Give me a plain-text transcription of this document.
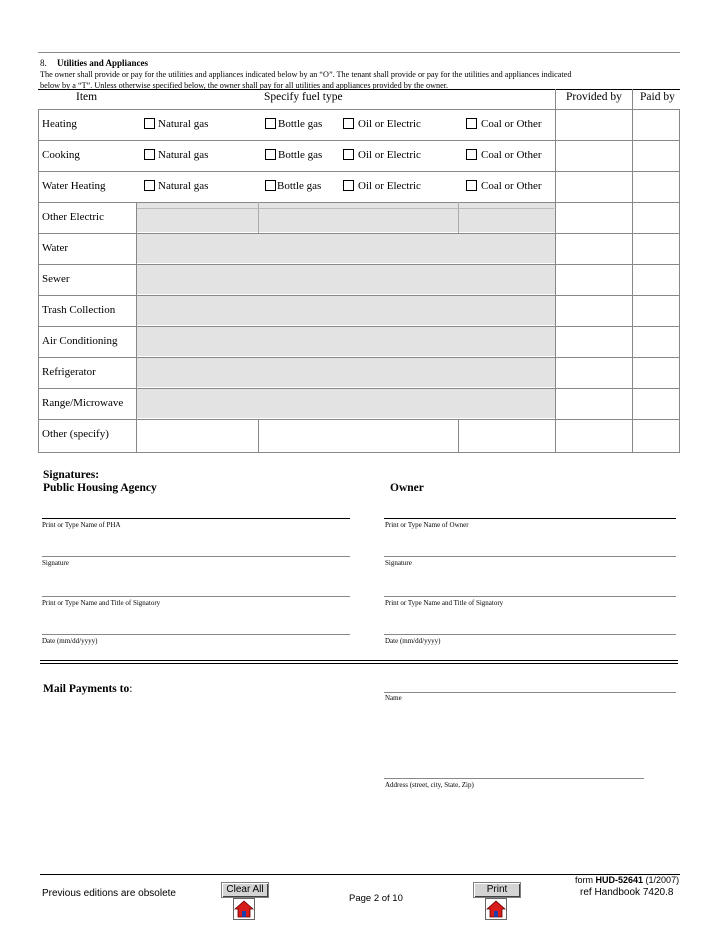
8. Utilities and Appliances
The owner shall provide or pay for the utilities and appliances indicated below by an “O”. The tenant shall provide or pay for the utilities and appliances indicated
below by a “T”. Unless otherwise specified below, the owner shall pay for all utilities and appliances provided by the owner.
Item	Specify fuel type	Provided by Paid by
Heating	Natural gas	Bottle gas	Oil or Electric	Coal or Other
Cooking	Natural gas	Bottle gas	Oil or Electric	Coal or Other
Water Heating	Natural gas	Bottle gas	Oil or Electric	Coal or Other
Other Electric
Water
Sewer
Trash Collection
Air Conditioning
Refrigerator
Range/Microwave
Other (specify)
Signatures:
Public Housing Agency	Owner
Print or Type Name of PHA	Print or Type Name of Owner
Signature	Signature
Print or Type Name and Title of Signatory	Print or Type Name and Title of Signatory
Date (mm/dd/yyyy)	Date (mm/dd/yyyy)
Mail Payments to:
Name
Address (street, city, State, Zip)
Previous editions are obsolete	Clear All
Page 2 of 10
Print
form HUD-52641 (1/2007)
ref Handbook 7420.8
